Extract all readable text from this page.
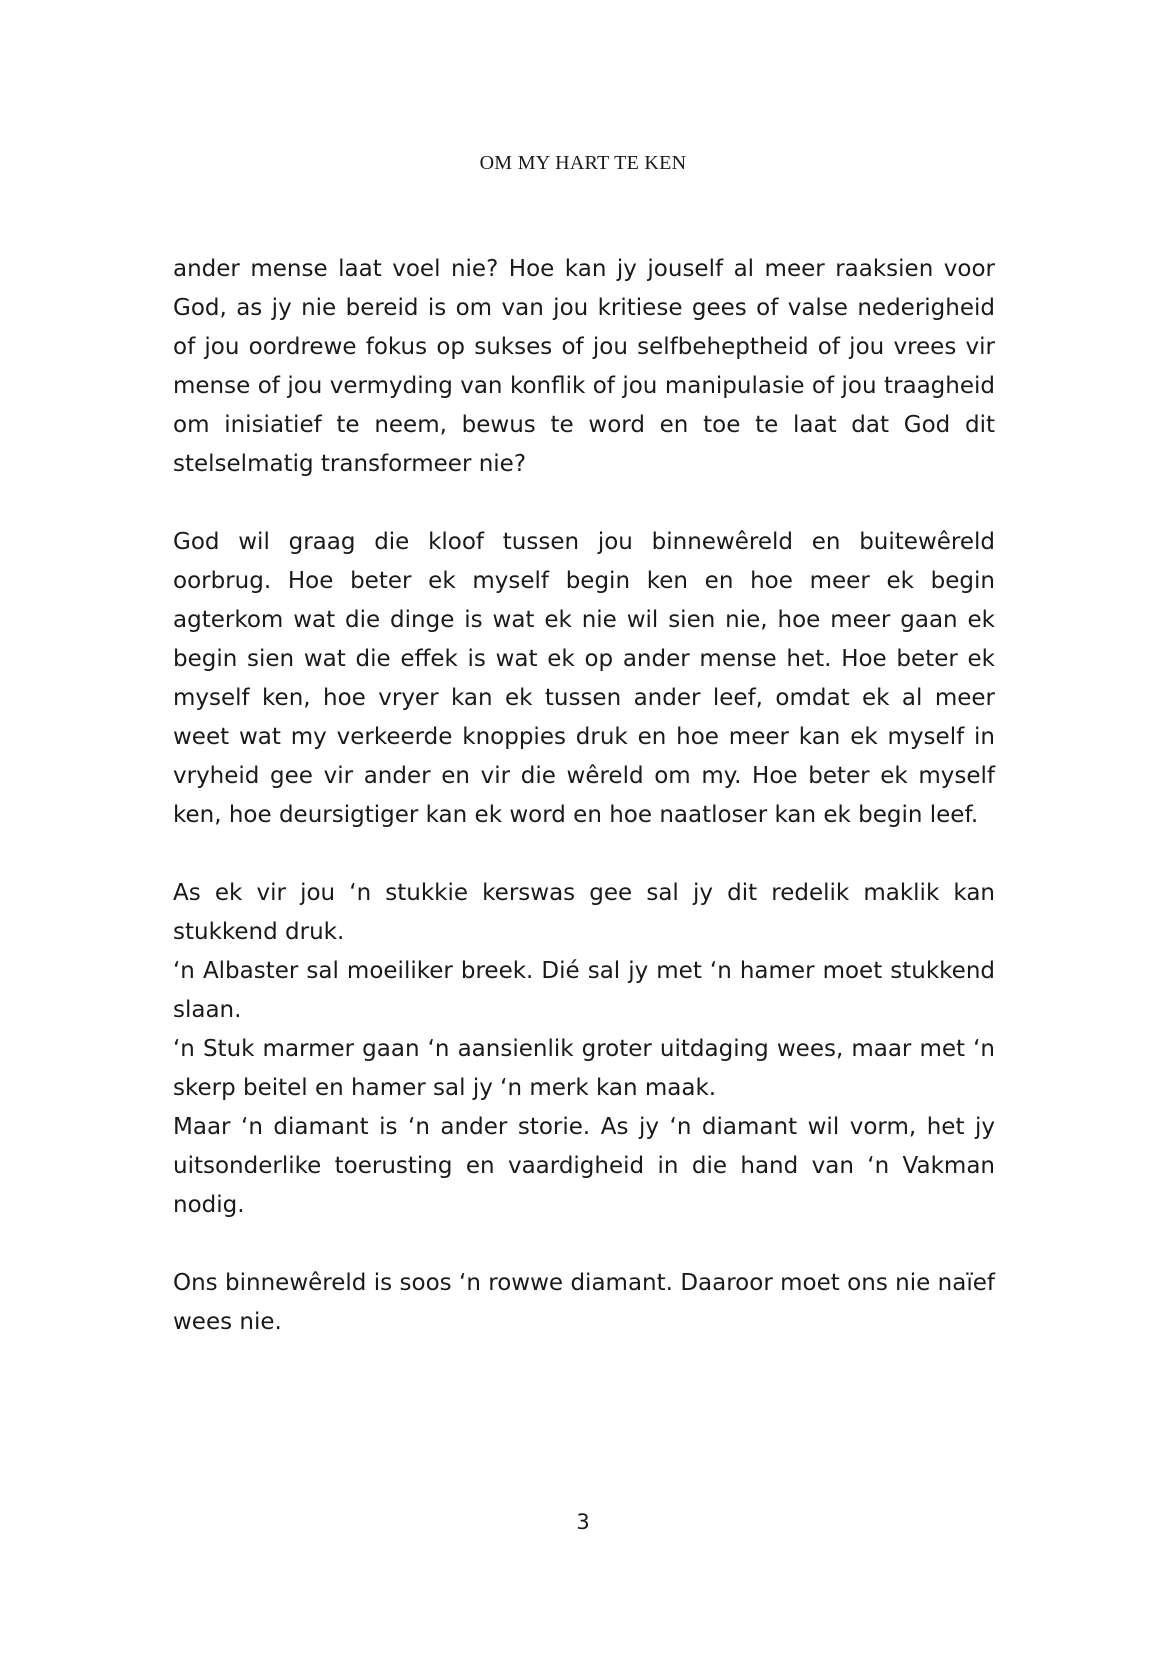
OM MY HART TE KEN

ander mense laat voel nie? Hoe kan jy jouself al meer raaksien voor God, as jy nie bereid is om van jou kritiese gees of valse nederigheid of jou oordrewe fokus op sukses of jou selfbeheptheid of jou vrees vir mense of jou vermyding van konflik of jou manipulasie of jou traagheid om inisiatief te neem, bewus te word en toe te laat dat God dit stelselmatig transformeer nie?

God wil graag die kloof tussen jou binnewêreld en buitewêreld oorbrug. Hoe beter ek myself begin ken en hoe meer ek begin agterkom wat die dinge is wat ek nie wil sien nie, hoe meer gaan ek begin sien wat die effek is wat ek op ander mense het. Hoe beter ek myself ken, hoe vryer kan ek tussen ander leef, omdat ek al meer weet wat my verkeerde knoppies druk en hoe meer kan ek myself in vryheid gee vir ander en vir die wêreld om my. Hoe beter ek myself ken, hoe deursigtiger kan ek word en hoe naatloser kan ek begin leef.

As ek vir jou ‘n stukkie kerswas gee sal jy dit redelik maklik kan stukkend druk.
‘n Albaster sal moeiliker breek. Dié sal jy met ‘n hamer moet stukkend slaan.
‘n Stuk marmer gaan ‘n aansienlik groter uitdaging wees, maar met ‘n skerp beitel en hamer sal jy ‘n merk kan maak.
Maar ‘n diamant is ‘n ander storie. As jy ‘n diamant wil vorm, het jy uitsonderlike toerusting en vaardigheid in die hand van ‘n Vakman nodig.

Ons binnewêreld is soos ‘n rowwe diamant. Daaroor moet ons nie naïef wees nie.

3
